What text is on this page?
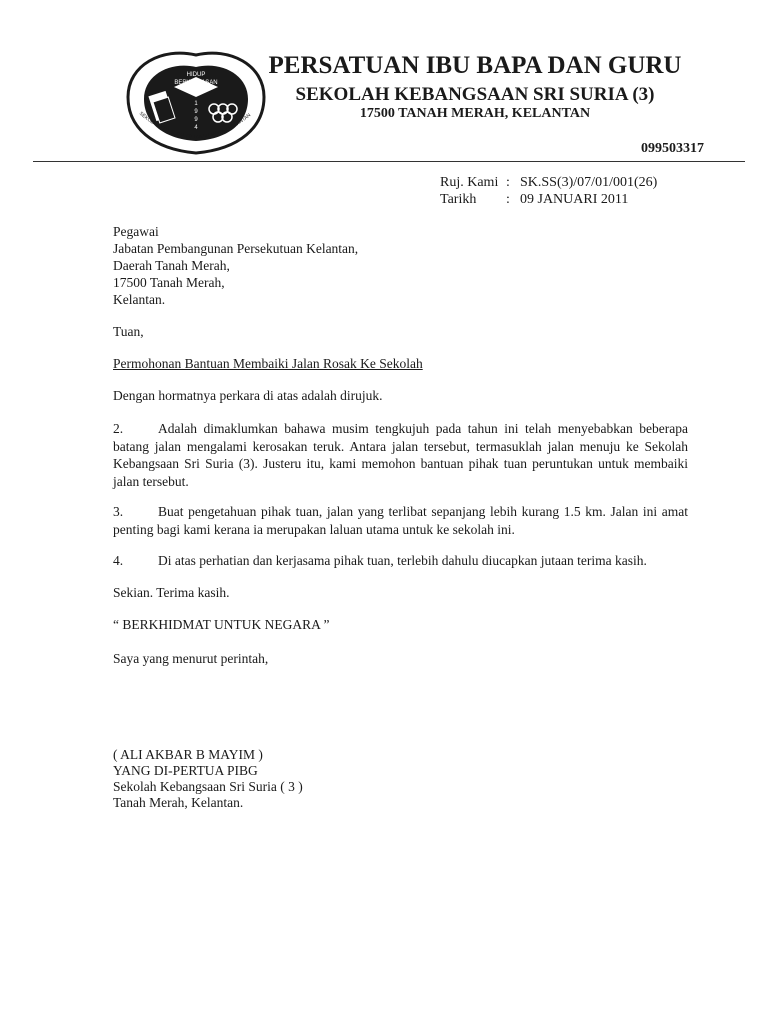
HIDUP
BERWAWASAN
1
9
9
4
SEKOLAH KEB SURIA (3) TANAH MERAH KELANTAN
PERSATUAN IBU BAPA DAN GURU
SEKOLAH KEBANGSAAN SRI SURIA (3)
17500 TANAH MERAH, KELANTAN
099503317
Ruj. Kami : SK.SS(3)/07/01/001(26)
Tarikh : 09 JANUARI 2011
Pegawai
Jabatan Pembangunan Persekutuan Kelantan,
Daerah Tanah Merah,
17500 Tanah Merah,
Kelantan.
Tuan,
Permohonan Bantuan Membaiki Jalan Rosak Ke Sekolah
Dengan hormatnya perkara di atas adalah dirujuk.

2.	Adalah dimaklumkan bahawa musim tengkujuh pada tahun ini telah menyebabkan beberapa batang jalan mengalami kerosakan teruk. Antara jalan tersebut, termasuklah jalan menuju ke Sekolah Kebangsaan Sri Suria (3). Justeru itu, kami memohon bantuan pihak tuan peruntukan untuk membaiki jalan tersebut.

3.	Buat pengetahuan pihak tuan, jalan yang terlibat sepanjang lebih kurang 1.5 km. Jalan ini amat penting bagi kami kerana ia merupakan laluan utama untuk ke sekolah ini.

4.	Di atas perhatian dan kerjasama pihak tuan, terlebih dahulu diucapkan jutaan terima kasih.

Sekian. Terima kasih.
“ BERKHIDMAT UNTUK NEGARA ”
Saya yang menurut perintah,
( ALI AKBAR B MAYIM )
YANG DI-PERTUA PIBG
Sekolah Kebangsaan Sri Suria ( 3 )
Tanah Merah, Kelantan.
